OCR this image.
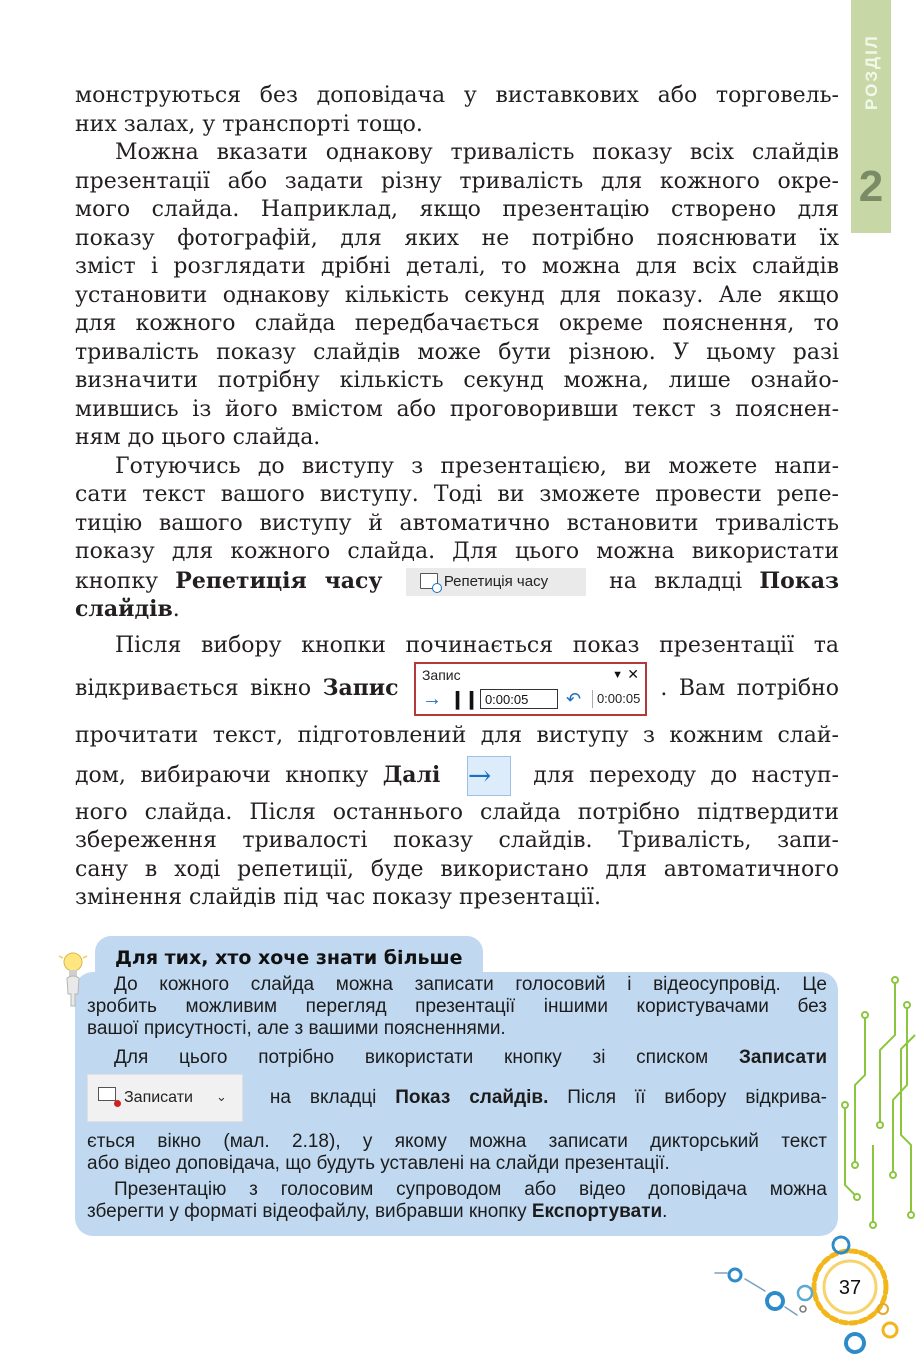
РОЗДІЛ
2
монструються без доповідача у виставкових або торговель-
них залах, у транспорті тощо.
Можна вказати однакову тривалість показу всіх слайдів
презентації або задати різну тривалість для кожного окре-
мого слайда. Наприклад, якщо презентацію створено для
показу фотографій, для яких не потрібно пояснювати їх
зміст і розглядати дрібні деталі, то можна для всіх слайдів
установити однакову кількість секунд для показу. Але якщо
для кожного слайда передбачається окреме пояснення, то
тривалість показу слайдів може бути різною. У цьому разі
визначити потрібну кількість секунд можна, лише ознайо-
мившись із його вмістом або проговоривши текст з пояснен-
ням до цього слайда.
Готуючись до виступу з презентацією, ви можете напи-
сати текст вашого виступу. Тоді ви зможете провести репе-
тицію вашого виступу й автоматично встановити тривалість
показу для кожного слайда. Для цього можна використати
кнопку Репетиція часу	Репетиція часу	на вкладці Показ
слайдів.
Після вибору кнопки починається показ презентації та
відкривається вікно Запис Запис	▼ ✕
→ ❙❙ 0:00:05	↶	0:00:05 . Вам потрібно
прочитати текст, підготовлений для виступу з кожним слай-
дом, вибираючи кнопку Далі →	для переходу до наступ-
ного слайда. Після останнього слайда потрібно підтвердити
збереження тривалості показу слайдів. Тривалість, запи-
сану в ході репетиції, буде використано для автоматичного
змінення слайдів під час показу презентації.
Для тих, хто хоче знати більше
До кожного слайда можна записати голосовий і відеосупровід. Це
зробить можливим перегляд презентації іншими користувачами без
вашої присутності, але з вашими поясненнями.
Для цього потрібно використати кнопку зі списком Записати
Записати ⌄ на вкладці Показ слайдів. Після її вибору відкрива-
ється вікно (мал. 2.18), у якому можна записати дикторський текст
або відео доповідача, що будуть уставлені на слайди презентації.
Презентацію з голосовим супроводом або відео доповідача можна
зберегти у форматі відеофайлу, вибравши кнопку Експортувати.
37
